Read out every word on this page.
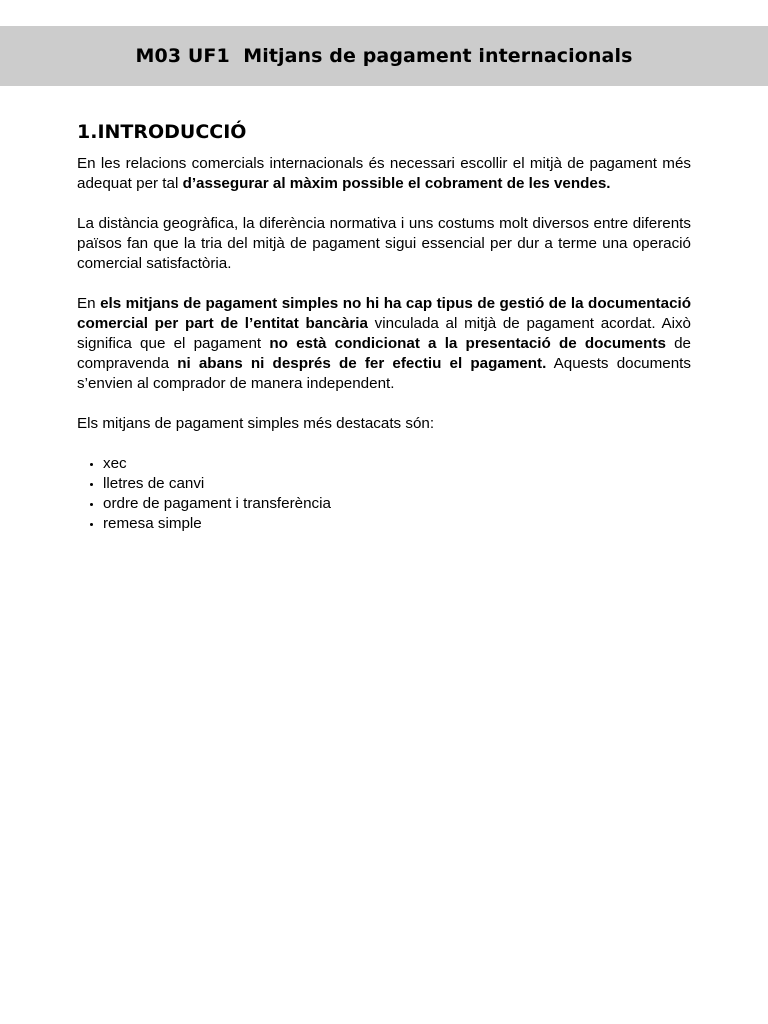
M03 UF1  Mitjans de pagament internacionals
1.INTRODUCCIÓ

En les relacions comercials internacionals és necessari escollir el mitjà de pagament més adequat per tal d’assegurar al màxim possible el cobrament de les vendes.

La distància geogràfica, la diferència normativa i uns costums molt diversos entre diferents països fan que la tria del mitjà de pagament sigui essencial per dur a terme una operació comercial satisfactòria.

En els mitjans de pagament simples no hi ha cap tipus de gestió de la documentació comercial per part de l’entitat bancària vinculada al mitjà de pagament acordat. Això significa que el pagament no està condicionat a la presentació de documents de compravenda ni abans ni després de fer efectiu el pagament. Aquests documents s’envien al comprador de manera independent.

Els mitjans de pagament simples més destacats són:

• xec
• lletres de canvi
• ordre de pagament i transferència
• remesa simple
